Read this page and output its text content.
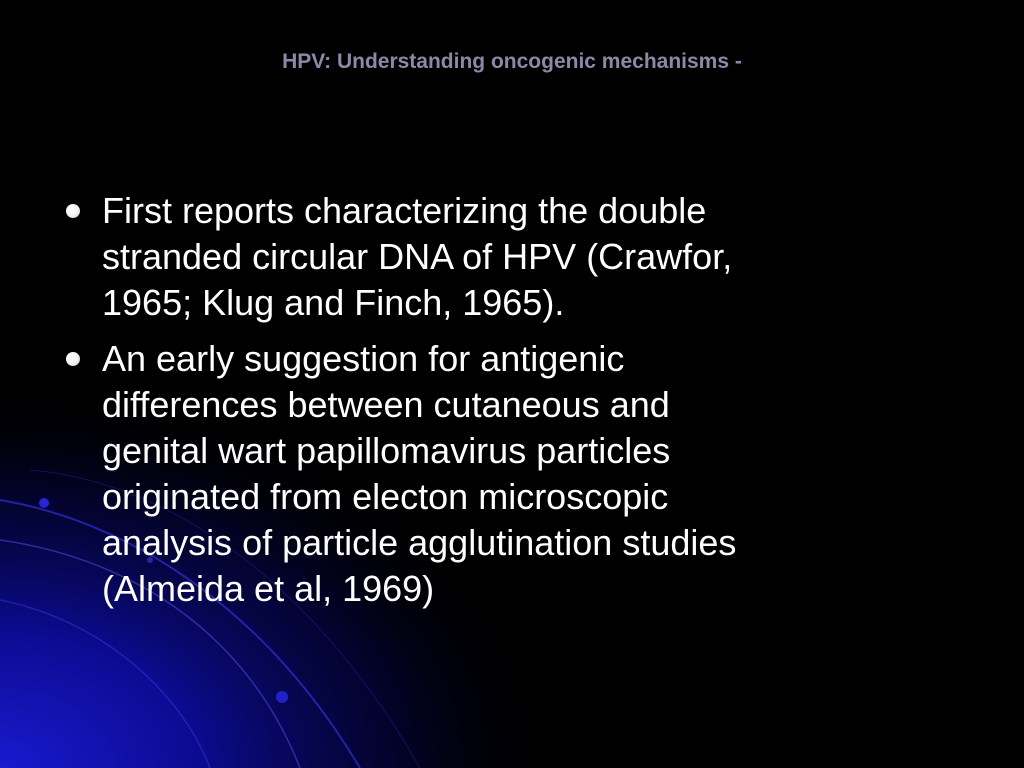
HPV: Understanding oncogenic mechanisms -
First reports characterizing the double
stranded circular DNA of HPV (Crawfor,
1965; Klug and Finch, 1965).
An early suggestion for antigenic
differences between cutaneous and
genital wart papillomavirus particles
originated from electon microscopic
analysis of particle agglutination studies
(Almeida et al, 1969)
